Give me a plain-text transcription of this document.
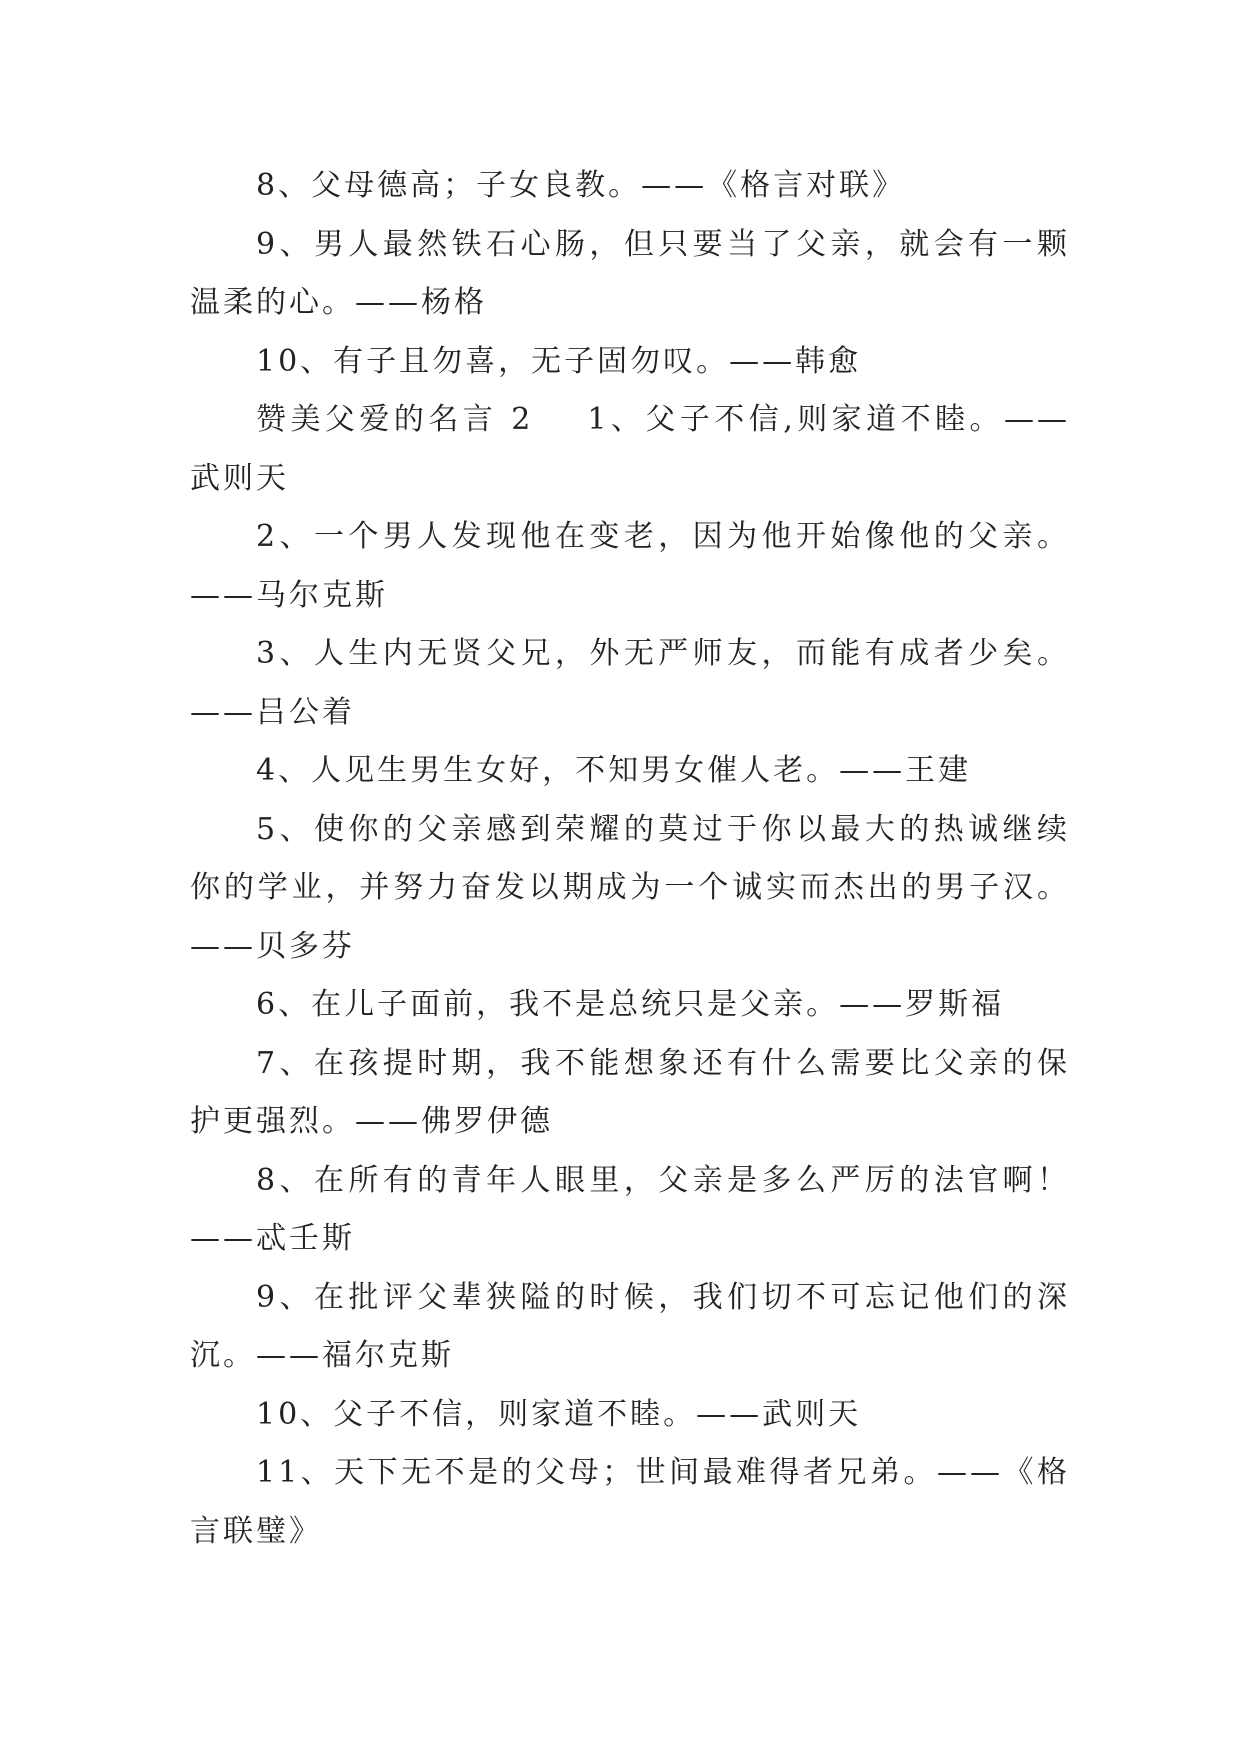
8、父母德高；子女良教。——《格言对联》

9、男人最然铁石心肠，但只要当了父亲，就会有一颗温柔的心。——杨格

10、有子且勿喜，无子固勿叹。——韩愈

赞美父爱的名言 2 1、父子不信,则家道不睦。——武则天

2、一个男人发现他在变老，因为他开始像他的父亲。——马尔克斯

3、人生内无贤父兄，外无严师友，而能有成者少矣。——吕公着

4、人见生男生女好，不知男女催人老。——王建

5、使你的父亲感到荣耀的莫过于你以最大的热诚继续你的学业，并努力奋发以期成为一个诚实而杰出的男子汉。——贝多芬

6、在儿子面前，我不是总统只是父亲。——罗斯福

7、在孩提时期，我不能想象还有什么需要比父亲的保护更强烈。——佛罗伊德

8、在所有的青年人眼里，父亲是多么严厉的法官啊！——忒壬斯

9、在批评父辈狭隘的时候，我们切不可忘记他们的深沉。——福尔克斯

10、父子不信，则家道不睦。——武则天

11、天下无不是的父母；世间最难得者兄弟。——《格言联璧》
